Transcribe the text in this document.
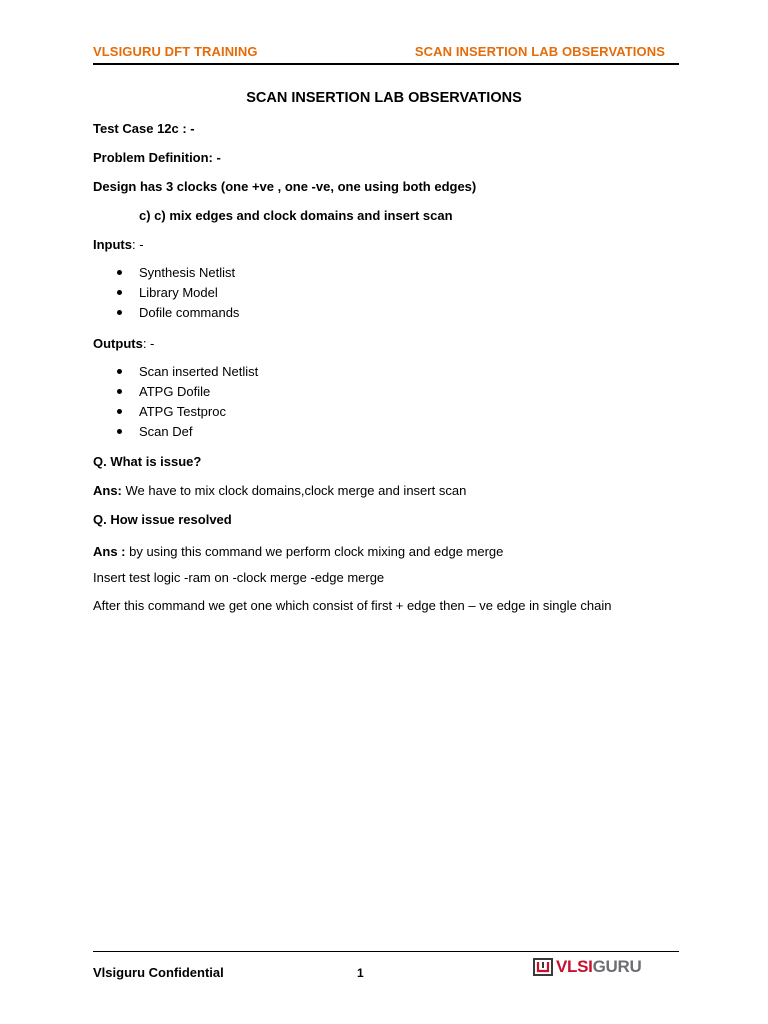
VLSIGURU DFT TRAINING	SCAN INSERTION LAB OBSERVATIONS
SCAN INSERTION LAB OBSERVATIONS
Test Case 12c : -
Problem Definition: -
Design has 3 clocks (one +ve , one -ve, one using both edges)
c) c) mix edges and clock domains and insert scan
Inputs: -
Synthesis Netlist
Library Model
Dofile commands
Outputs: -
Scan inserted Netlist
ATPG Dofile
ATPG Testproc
Scan Def
Q. What is issue?
Ans: We have to mix clock domains,clock merge and insert scan
Q. How issue resolved
Ans : by using this command we perform clock mixing and edge merge
Insert test logic -ram on -clock merge -edge merge
After this command we get one which consist of first + edge then – ve edge in single chain
Vlsiguru Confidential	1	VLSIGURU
